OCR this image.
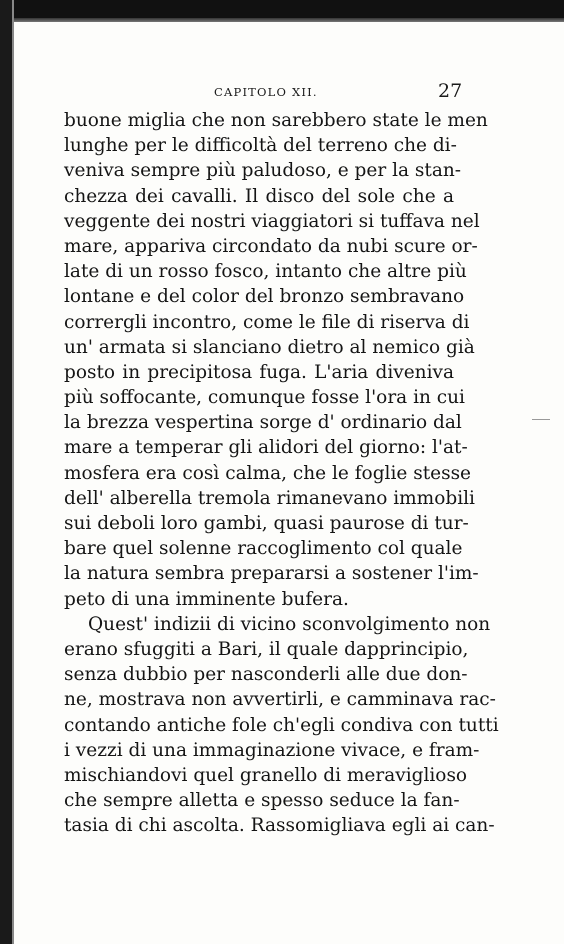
CAPITOLO XII.	27
buone miglia che non sarebbero state le men
lunghe per le difficoltà del terreno che di-
veniva sempre più paludoso, e per la stan-
chezza dei cavalli. Il disco del sole che a
veggente dei nostri viaggiatori si tuffava nel
mare, appariva circondato da nubi scure or-
late di un rosso fosco, intanto che altre più
lontane e del color del bronzo sembravano
corrergli incontro, come le file di riserva di
un' armata si slanciano dietro al nemico già
posto in precipitosa fuga. L'aria diveniva
più soffocante, comunque fosse l'ora in cui
la brezza vespertina sorge d' ordinario dal
mare a temperar gli alidori del giorno: l'at-
mosfera era così calma, che le foglie stesse
dell' alberella tremola rimanevano immobili
sui deboli loro gambi, quasi paurose di tur-
bare quel solenne raccoglimento col quale
la natura sembra prepararsi a sostener l'im-
peto di una imminente bufera.
Quest' indizii di vicino sconvolgimento non
erano sfuggiti a Bari, il quale dapprincipio,
senza dubbio per nasconderli alle due don-
ne, mostrava non avvertirli, e camminava rac-
contando antiche fole ch'egli condiva con tutti
i vezzi di una immaginazione vivace, e fram-
mischiandovi quel granello di meraviglioso
che sempre alletta e spesso seduce la fan-
tasia di chi ascolta. Rassomigliava egli ai can-
